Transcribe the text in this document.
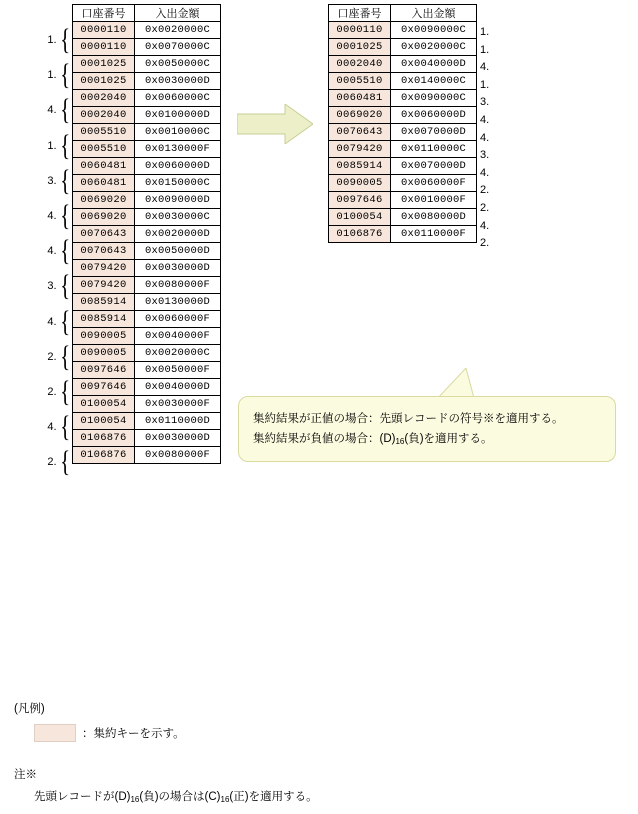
口座番号	入出金額
0000110	0x0020000C
0000110	0x0070000C
0001025	0x0050000C
0001025	0x0030000D
0002040	0x0060000C
0002040	0x0100000D
0005510	0x0010000C
0005510	0x0130000F
0060481	0x0060000D
0060481	0x0150000C
0069020	0x0090000D
0069020	0x0030000C
0070643	0x0020000D
0070643	0x0050000D
0079420	0x0030000D
0079420	0x0080000F
0085914	0x0130000D
0085914	0x0060000F
0090005	0x0040000F
0090005	0x0020000C
0097646	0x0050000F
0097646	0x0040000D
0100054	0x0030000F
0100054	0x0110000D
0106876	0x0030000D
0106876	0x0080000F
1. {
1. {
4. {
1. {
3. {
4. {
4. {
3. {
4. {
2. {
2. {
4. {
2. {
口座番号	入出金額
0000110	0x0090000C
0001025	0x0020000C
0002040	0x0040000D
0005510	0x0140000C
0060481	0x0090000C
0069020	0x0060000D
0070643	0x0070000D
0079420	0x0110000C
0085914	0x0070000D
0090005	0x0060000F
0097646	0x0010000F
0100054	0x0080000D
0106876	0x0110000F
1.
1.
4.
1.
3.
4.
4.
3.
4.
2.
2.
4.
2.
集約結果が正値の場合：先頭レコードの符号※を適用する。
集約結果が負値の場合：$(D)_{16}$(負)を適用する。
(凡例)
：集約キーを示す。
注※
先頭レコードが$(D)_{16}$(負)の場合は$(C)_{16}$(正)を適用する。
